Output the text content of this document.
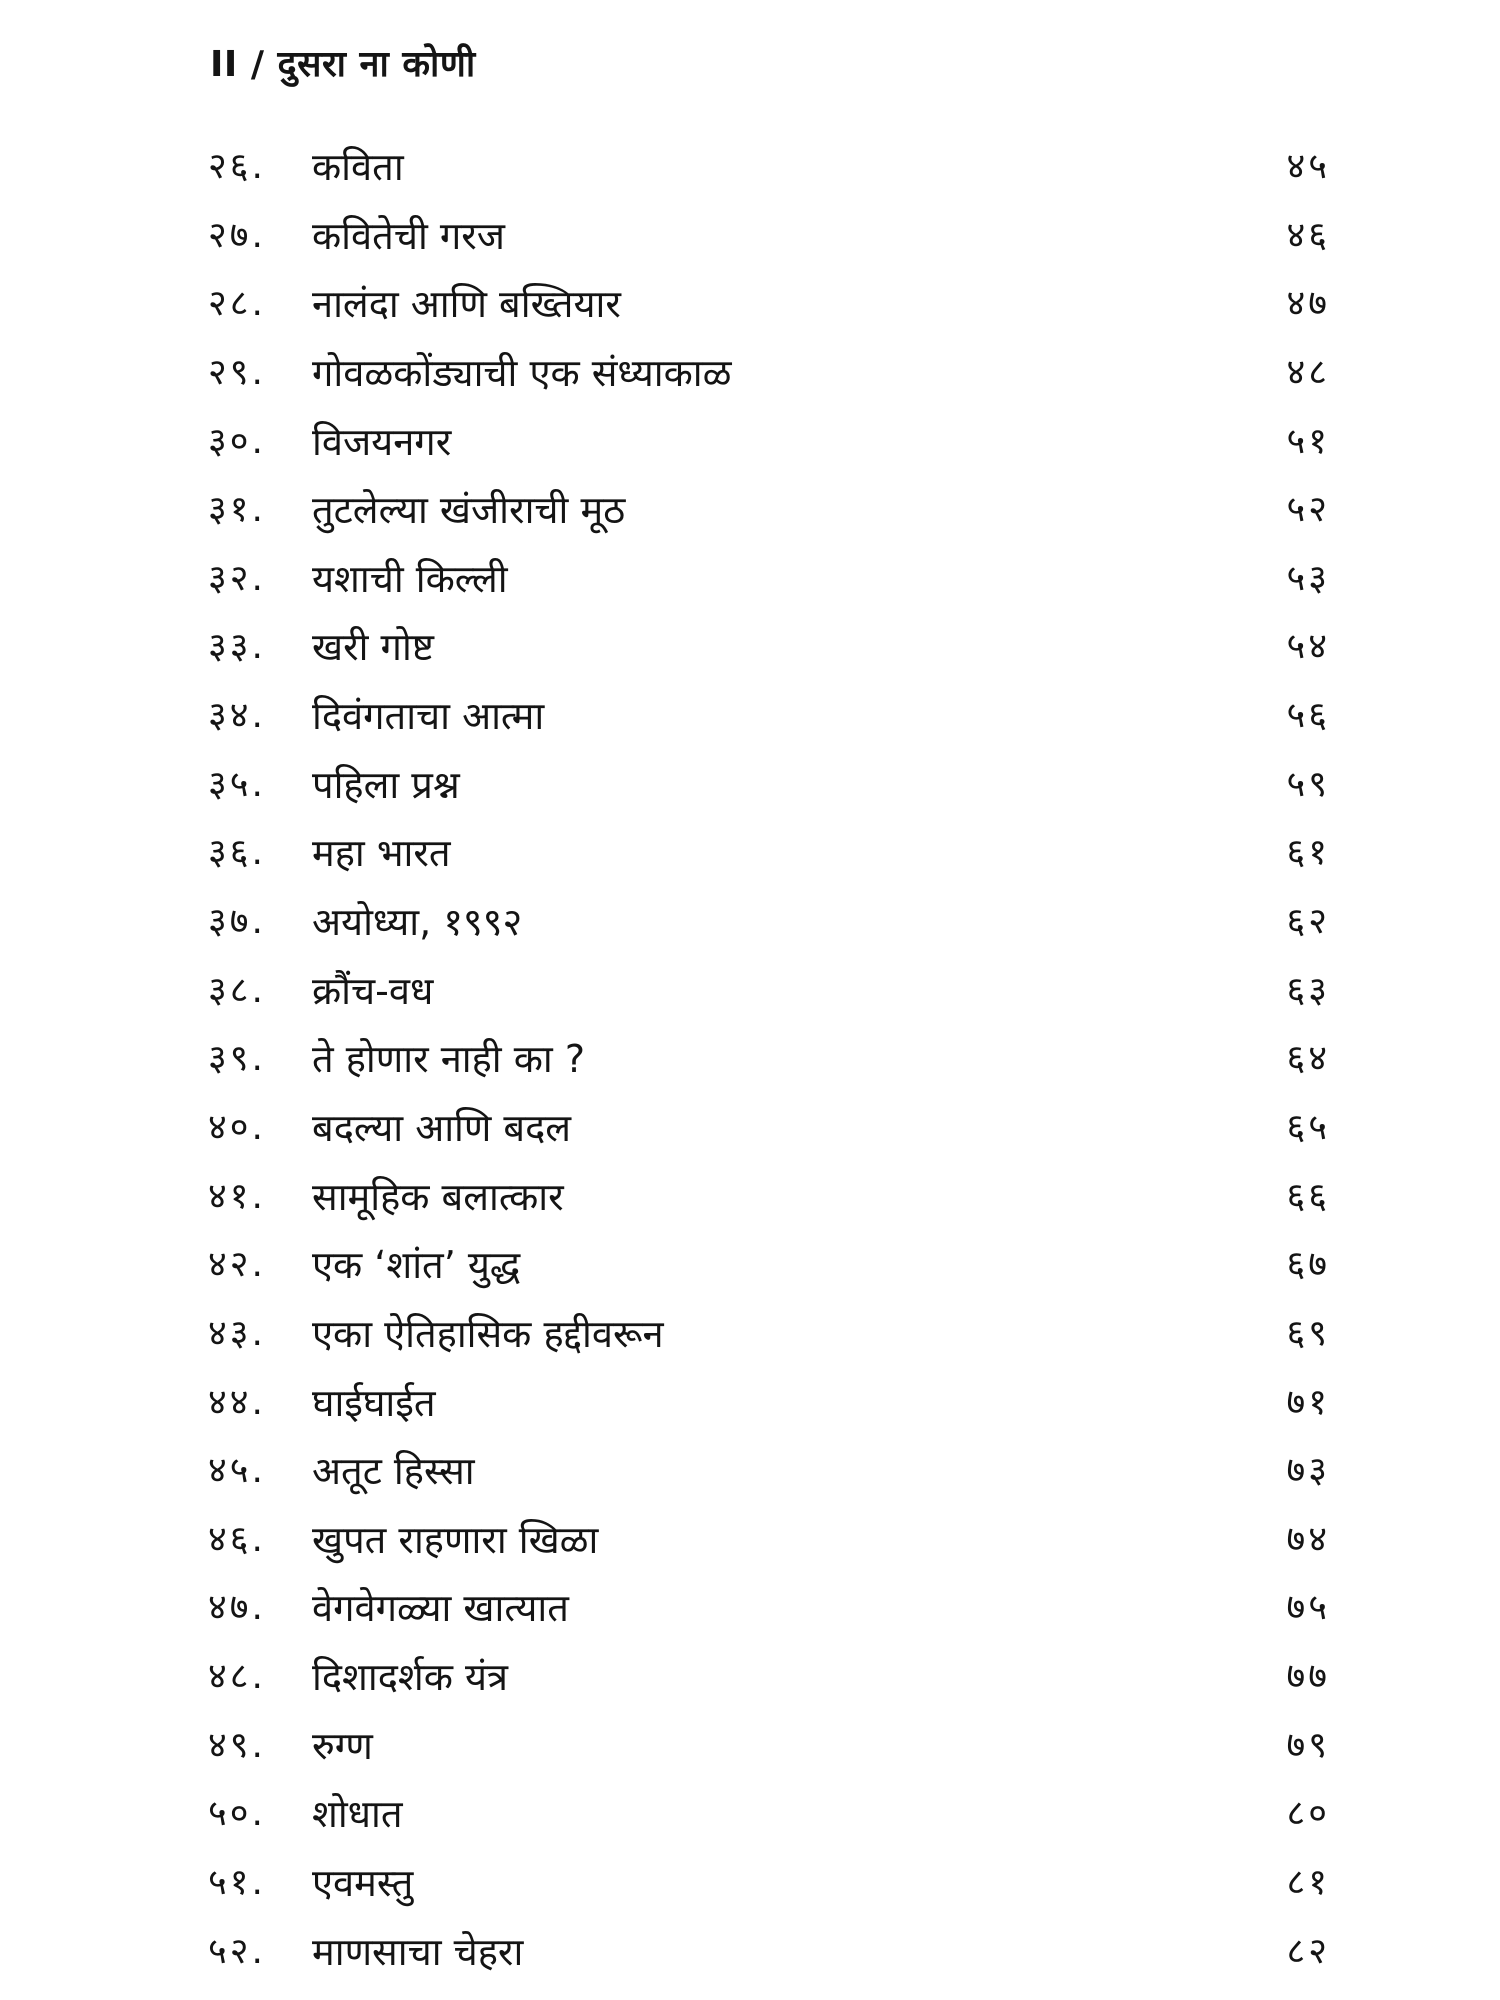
II / दुसरा ना कोणी
२६. कविता	४५
२७. कवितेची गरज	४६
२८. नालंदा आणि बख्तियार	४७
२९. गोवळकोंड्याची एक संध्याकाळ	४८
३०. विजयनगर	५१
३१. तुटलेल्या खंजीराची मूठ	५२
३२. यशाची किल्ली	५३
३३. खरी गोष्ट	५४
३४. दिवंगताचा आत्मा	५६
३५. पहिला प्रश्न	५९
३६. महा भारत	६१
३७. अयोध्या, १९९२	६२
३८. क्रौंच-वध	६३
३९. ते होणार नाही का ?	६४
४०. बदल्या आणि बदल	६५
४१. सामूहिक बलात्कार	६६
४२. एक ‘शांत’ युद्ध	६७
४३. एका ऐतिहासिक हद्दीवरून	६९
४४. घाईघाईत	७१
४५. अतूट हिस्सा	७३
४६. खुपत राहणारा खिळा	७४
४७. वेगवेगळ्या खात्यात	७५
४८. दिशादर्शक यंत्र	७७
४९. रुग्ण	७९
५०. शोधात	८०
५१. एवमस्तु	८१
५२. माणसाचा चेहरा	८२
